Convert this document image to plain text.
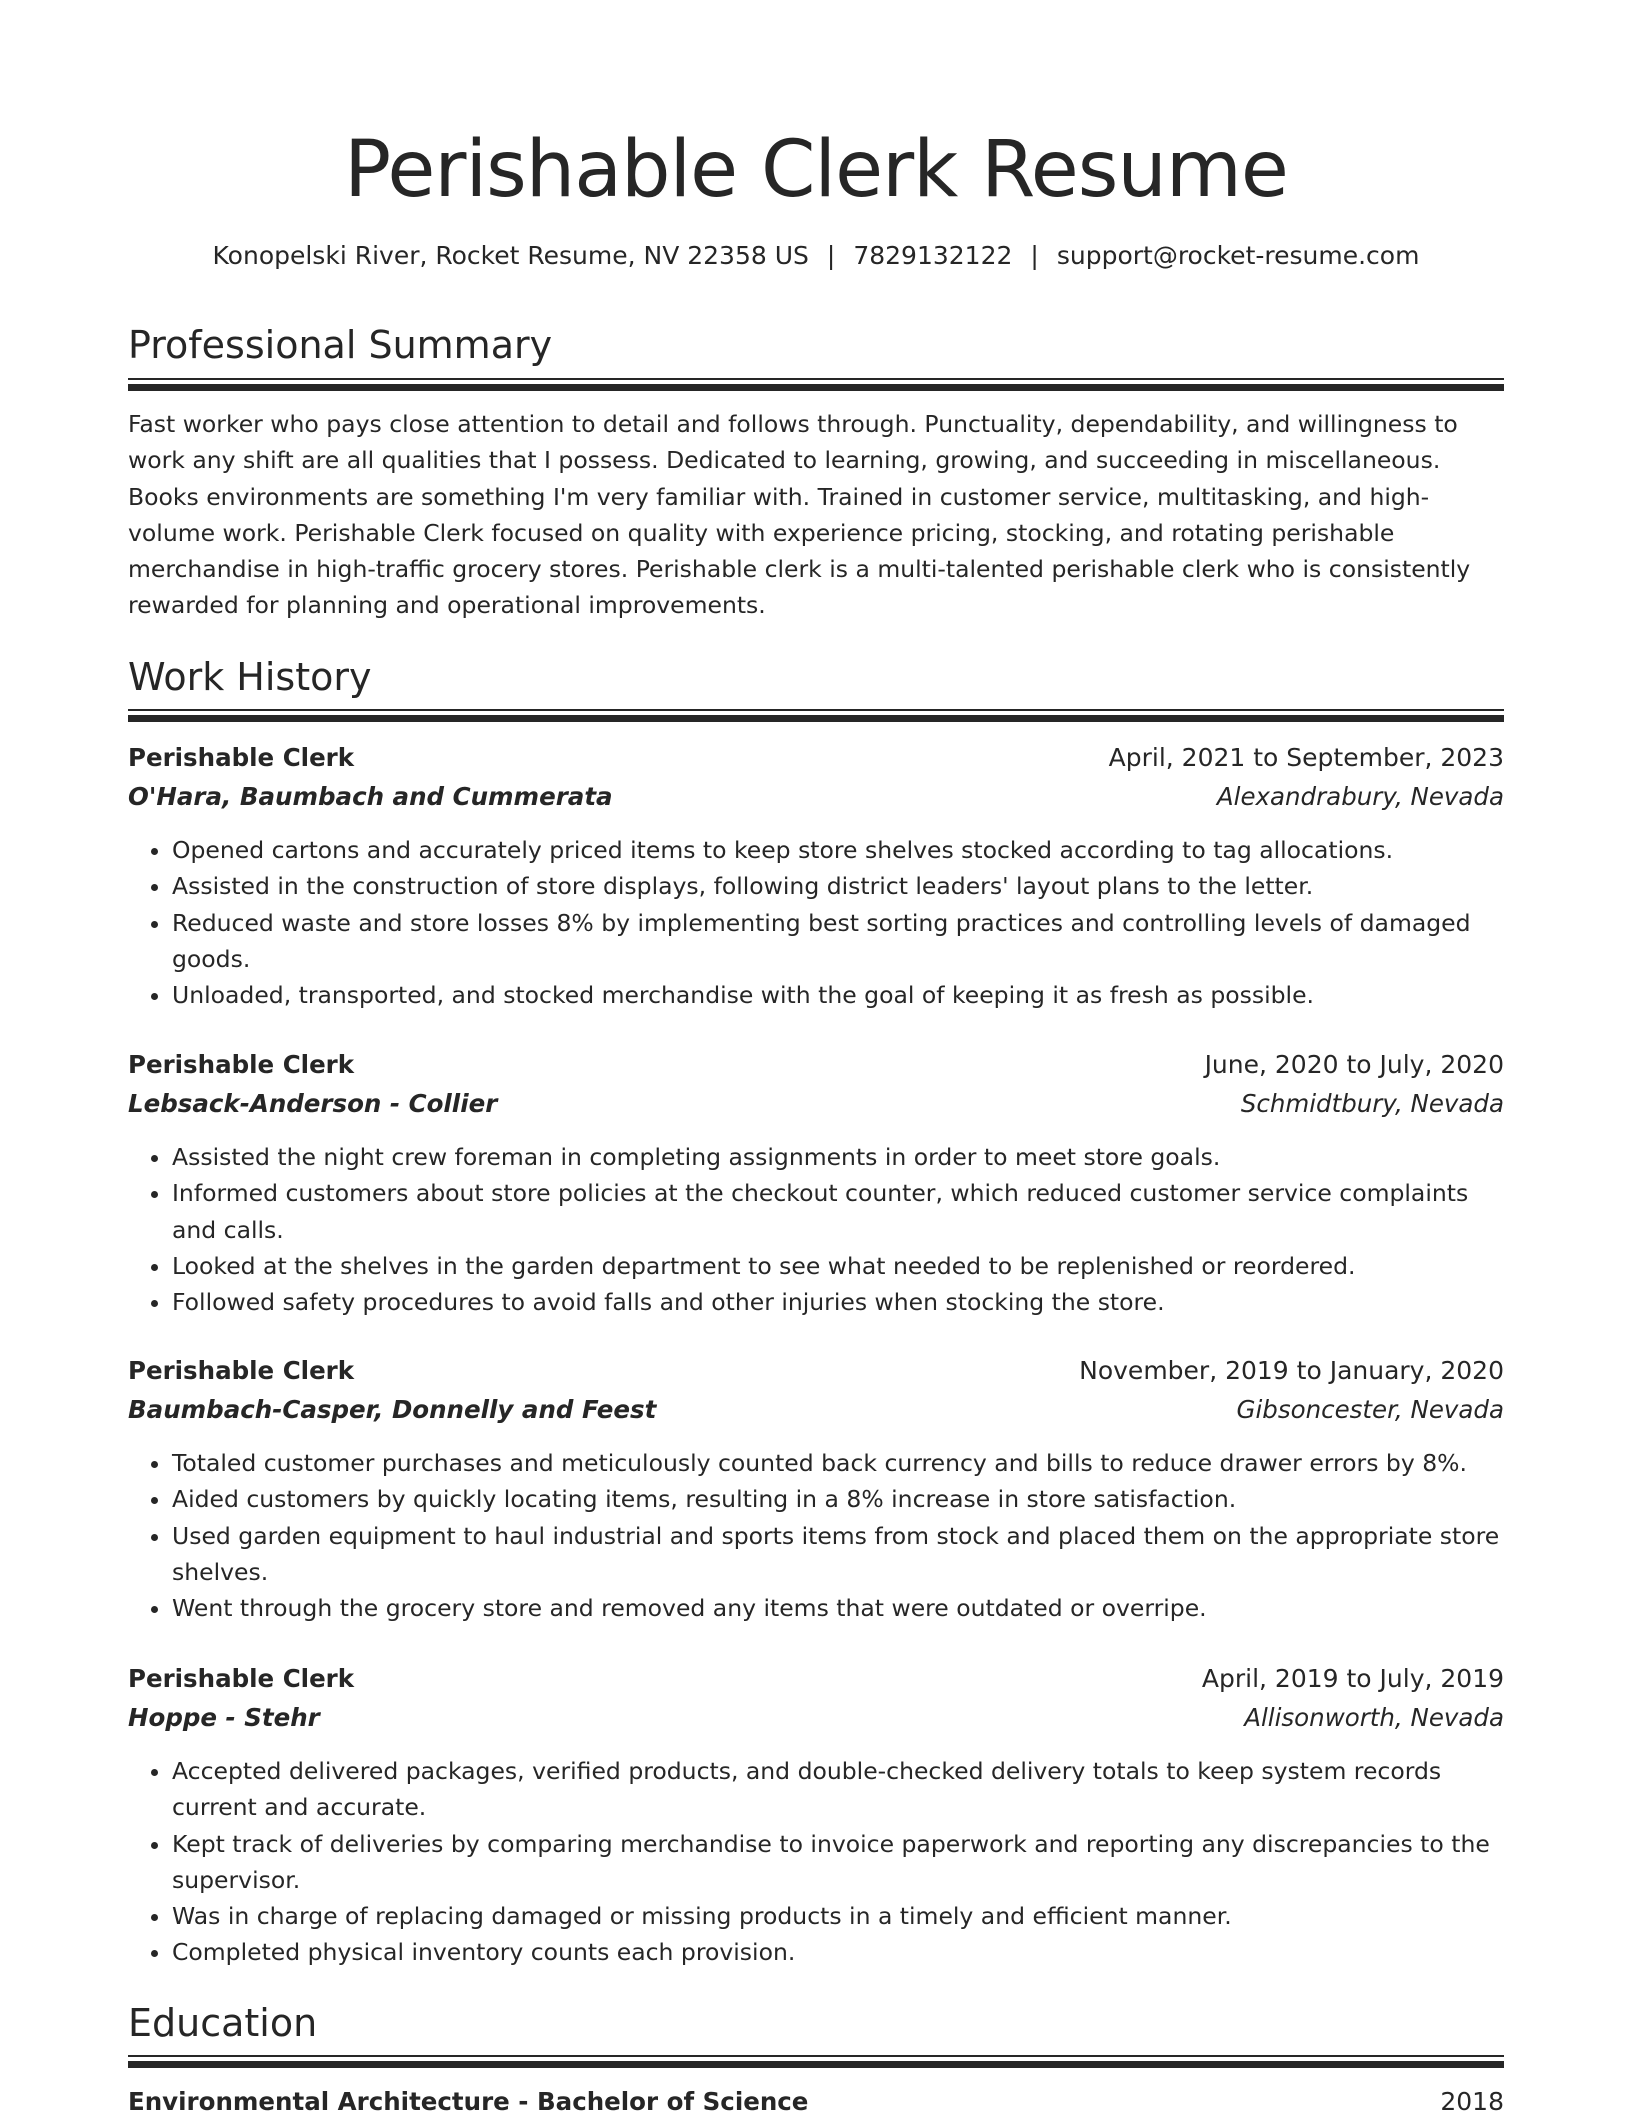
Perishable Clerk Resume
Konopelski River, Rocket Resume, NV 22358 US | 7829132122 | support@rocket-resume.com
Professional Summary

Fast worker who pays close attention to detail and follows through. Punctuality, dependability, and willingness to work any shift are all qualities that I possess. Dedicated to learning, growing, and succeeding in miscellaneous. Books environments are something I'm very familiar with. Trained in customer service, multitasking, and high-volume work. Perishable Clerk focused on quality with experience pricing, stocking, and rotating perishable merchandise in high-traffic grocery stores. Perishable clerk is a multi-talented perishable clerk who is consistently rewarded for planning and operational improvements.

Work History
Perishable Clerk	April, 2021 to September, 2023
O'Hara, Baumbach and Cummerata	Alexandrabury, Nevada
• Opened cartons and accurately priced items to keep store shelves stocked according to tag allocations.
• Assisted in the construction of store displays, following district leaders' layout plans to the letter.
• Reduced waste and store losses 8% by implementing best sorting practices and controlling levels of damaged goods.
• Unloaded, transported, and stocked merchandise with the goal of keeping it as fresh as possible.
Perishable Clerk	June, 2020 to July, 2020
Lebsack-Anderson - Collier	Schmidtbury, Nevada
• Assisted the night crew foreman in completing assignments in order to meet store goals.
• Informed customers about store policies at the checkout counter, which reduced customer service complaints and calls.
• Looked at the shelves in the garden department to see what needed to be replenished or reordered.
• Followed safety procedures to avoid falls and other injuries when stocking the store.
Perishable Clerk	November, 2019 to January, 2020
Baumbach-Casper, Donnelly and Feest	Gibsoncester, Nevada
• Totaled customer purchases and meticulously counted back currency and bills to reduce drawer errors by 8%.
• Aided customers by quickly locating items, resulting in a 8% increase in store satisfaction.
• Used garden equipment to haul industrial and sports items from stock and placed them on the appropriate store shelves.
• Went through the grocery store and removed any items that were outdated or overripe.
Perishable Clerk	April, 2019 to July, 2019
Hoppe - Stehr	Allisonworth, Nevada
• Accepted delivered packages, verified products, and double-checked delivery totals to keep system records current and accurate.
• Kept track of deliveries by comparing merchandise to invoice paperwork and reporting any discrepancies to the supervisor.
• Was in charge of replacing damaged or missing products in a timely and efficient manner.
• Completed physical inventory counts each provision.
Education
Environmental Architecture - Bachelor of Science	2018
